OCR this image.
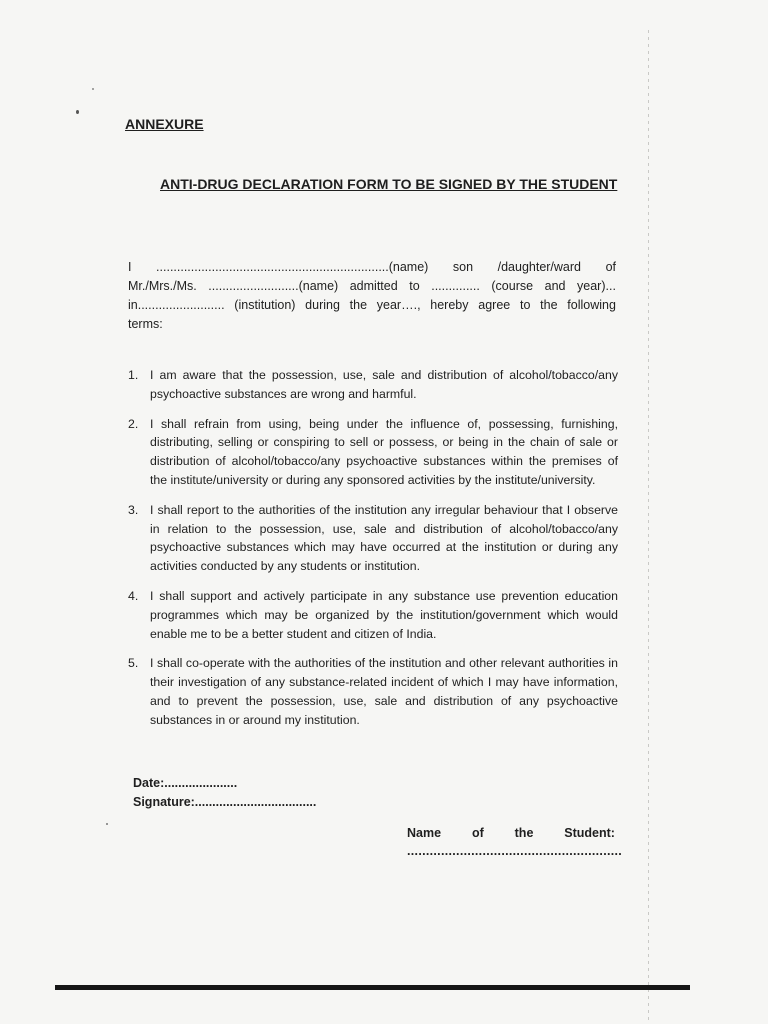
ANNEXURE
ANTI-DRUG DECLARATION FORM TO BE SIGNED BY THE STUDENT
I ...................................................................(name) son /daughter/ward of
Mr./Mrs./Ms. ..........................(name) admitted to .............. (course and year)...
in......................... (institution) during the year…., hereby agree to the following
terms:
1. I am aware that the possession, use, sale and distribution of alcohol/tobacco/any psychoactive substances are wrong and harmful.
2. I shall refrain from using, being under the influence of, possessing, furnishing, distributing, selling or conspiring to sell or possess, or being in the chain of sale or distribution of alcohol/tobacco/any psychoactive substances within the premises of the institute/university or during any sponsored activities by the institute/university.
3. I shall report to the authorities of the institution any irregular behaviour that I observe in relation to the possession, use, sale and distribution of alcohol/tobacco/any psychoactive substances which may have occurred at the institution or during any activities conducted by any students or institution.
4. I shall support and actively participate in any substance use prevention education programmes which may be organized by the institution/government which would enable me to be a better student and citizen of India.
5. I shall co-operate with the authorities of the institution and other relevant authorities in their investigation of any substance-related incident of which I may have information, and to prevent the possession, use, sale and distribution of any psychoactive substances in or around my institution.
Date:.....................
Signature:...................................
Name of the Student:
.........................................................
